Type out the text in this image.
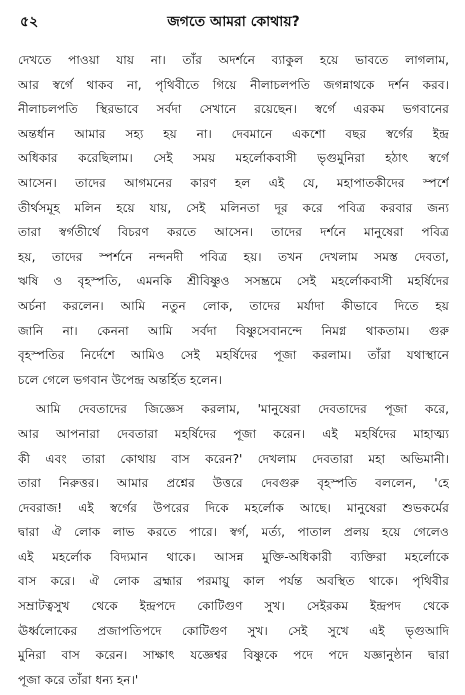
৫২	জগতে আমরা কোথায়?
দেখতে পাওয়া যায় না। তাঁর অদর্শনে ব্যাকুল হয়ে ভাবতে লাগলাম,
আর স্বর্গে থাকব না, পৃথিবীতে গিয়ে নীলাচলপতি জগন্নাথকে দর্শন করব।
নীলাচলপতি স্থিরভাবে সর্বদা সেখানে রয়েছেন। স্বর্গে এরকম ভগবানের
অন্তর্ধান আমার সহ্য হয় না। দেবমানে একশো বছর স্বর্গের ইন্দ্র
অধিকার করেছিলাম। সেই সময় মহর্লোকবাসী ভৃগুমুনিরা হঠাৎ স্বর্গে
আসেন। তাদের আগমনের কারণ হল এই যে, মহাপাতকীদের স্পর্শে
তীর্থসমূহ মলিন হয়ে যায়, সেই মলিনতা দূর করে পবিত্র করবার জন্য
তারা স্বর্গতীর্থে বিচরণ করতে আসেন। তাদের দর্শনে মানুষেরা পবিত্র
হয়, তাদের স্পর্শনে নন্দনদী পবিত্র হয়। তখন দেখলাম সমস্ত দেবতা,
ঋষি ও বৃহস্পতি, এমনকি শ্রীবিষ্ণুও সসম্ভ্রমে সেই মহর্লোকবাসী মহর্ষিদের
অর্চনা করলেন। আমি নতুন লোক, তাদের মর্যাদা কীভাবে দিতে হয়
জানি না। কেননা আমি সর্বদা বিষ্ণুসেবানন্দে নিমগ্ন থাকতাম। গুরু
বৃহস্পতির নির্দেশে আমিও সেই মহর্ষিদের পূজা করলাম। তাঁরা যথাস্থানে
চলে গেলে ভগবান উপেন্দ্র অন্তর্হিত হলেন।
আমি দেবতাদের জিজ্ঞেস করলাম, 'মানুষেরা দেবতাদের পূজা করে,
আর আপনারা দেবতারা মহর্ষিদের পূজা করেন। এই মহর্ষিদের মাহাত্ম্য
কী এবং তারা কোথায় বাস করেন?' দেখলাম দেবতারা মহা অভিমানী।
তারা নিরুত্তর। আমার প্রশ্নের উত্তরে দেবগুরু বৃহস্পতি বললেন, 'হে
দেবরাজ! এই স্বর্গের উপরের দিকে মহর্লোক আছে। মানুষেরা শুভকর্মের
দ্বারা ঐ লোক লাভ করতে পারে। স্বর্গ, মর্ত্য, পাতাল প্রলয় হয়ে গেলেও
এই মহর্লোক বিদ্যমান থাকে। আসন্ন মুক্তি-অধিকারী ব্যক্তিরা মহর্লোকে
বাস করে। ঐ লোক ব্রহ্মার পরমায়ু কাল পর্যন্ত অবস্থিত থাকে। পৃথিবীর
সম্রাটত্বসুখ থেকে ইন্দ্রপদে কোটিগুণ সুখ। সেইরকম ইন্দ্রপদ থেকে
ঊর্ধ্বলোকের প্রজাপতিপদে কোটিগুণ সুখ। সেই সুখে এই ভৃগুআদি
মুনিরা বাস করেন। সাক্ষাৎ যজ্ঞেশ্বর বিষ্ণুকে পদে পদে যজ্ঞানুষ্ঠান দ্বারা
পূজা করে তাঁরা ধন্য হন।'
